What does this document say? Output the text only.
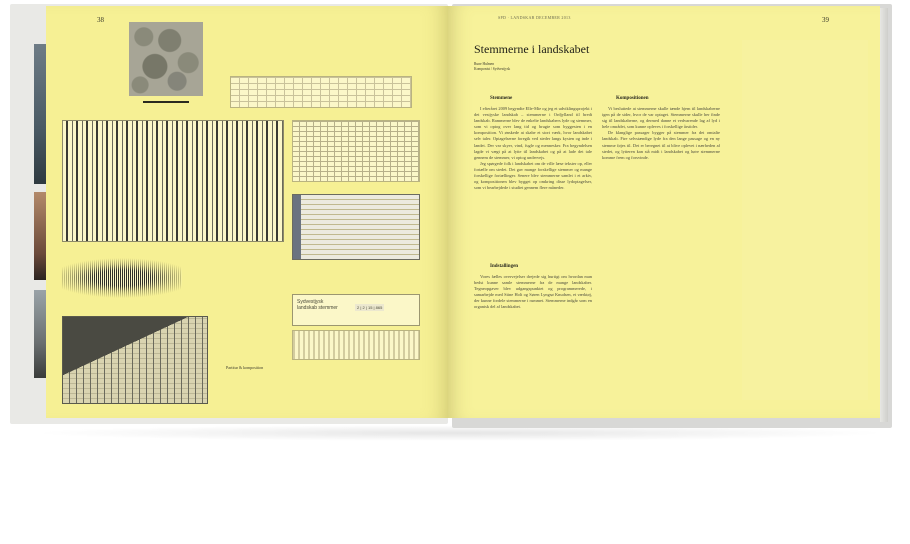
38
Sydvestjysk landskab stemmer	2 | 2 | 15 | 865
Partitur & komposition
SPD · LANDSKAB DECEMBER 2013	39
Stemmerne i landskabet
Rune Hulmen
Komponist / Sydvestjysk
Stemmene

I efteråret 2009 begyndte Elle-Mie og jeg et udviklingsprojekt i det vestjyske landskab – stemmerne i Ordjylland til bredt landskab. Rammerne blev de enkelte landskabers lyde og stemmer, som vi optog over lang tid og brugte som byggesten i en komposition. Vi ønskede at skabe et stort værk, hvor landskabet selv taler. Optagelserne foregik ved steder langs kysten og inde i landet. Der var skyer, vind, fugle og mennesker. Fra begyndelsen lagde vi vægt på at lytte til landskabet og på at lade det tale gennem de stemmer, vi optog undervejs.

Jeg spørgede folk i landskabet om de ville læse tekster op, eller fortælle om stedet. Det gav mange forskellige stemmer og mange forskellige fortællinger. Senere blev stemmerne samlet i et arkiv, og kompositionen blev bygget op omkring disse lydoptagelser, som vi bearbejdede i studiet gennem flere måneder.

Indstallingen

Vores fælles overvejelser drejede sig hurtigt om hvordan man bedst kunne samle stemmerne fra de mange landskaber. Tegneopgaver blev udgangspunktet og programmerede, i samarbejde med Stine Holt og Søren Lyngsø Knudsen, et værktøj, der kunne fordele stemmerne i rummet. Stemmerne indgår som en organisk del af landskabet.

Kompositionen

Vi besluttede at stemmerne skulle tænde hjem til landskaberne igen på de sider, hvor de var optaget. Stemmerne skulle her finde sig til landskaberne, og dermed danne et vedvarende lag af lyd i hele området, som kunne opleves i forskellige årstider.

De klanglige passager bygger på stemmer fra det omtalte landskab. Fire selvstændige lyde fra den lange passage og en ny stemme føjes til. Det er beregnet til at blive oplevet i nærheden af stedet, og lytteren kan stå midt i landskabet og høre stemmerne komme frem og forsvinde.
